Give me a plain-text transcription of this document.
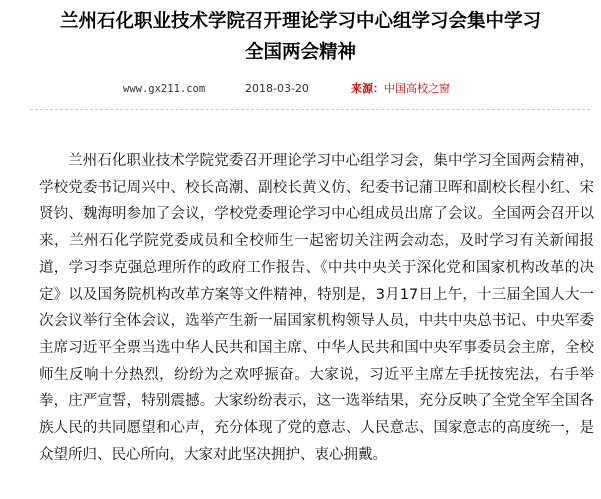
兰州石化职业技术学院召开理论学习中心组学习会集中学习
全国两会精神
www.gx211.com	2018-03-20	来源：中国高校之窗

兰州石化职业技术学院党委召开理论学习中心组学习会，集中学习全国两会精神，学校党委书记周兴中、校长高潮、副校长黄义仿、纪委书记蒲卫晖和副校长程小红、宋贤钧、魏海明参加了会议，学校党委理论学习中心组成员出席了会议。全国两会召开以来，兰州石化学院党委成员和全校师生一起密切关注两会动态，及时学习有关新闻报道，学习李克强总理所作的政府工作报告、《中共中央关于深化党和国家机构改革的决定》以及国务院机构改革方案等文件精神，特别是，3月17日上午，十三届全国人大一次会议举行全体会议，选举产生新一届国家机构领导人员，中共中央总书记、中央军委主席习近平全票当选中华人民共和国主席、中华人民共和国中央军事委员会主席，全校师生反响十分热烈，纷纷为之欢呼振奋。大家说，习近平主席左手抚按宪法，右手举拳，庄严宣誓，特别震撼。大家纷纷表示，这一选举结果，充分反映了全党全军全国各族人民的共同愿望和心声，充分体现了党的意志、人民意志、国家意志的高度统一，是众望所归、民心所向，大家对此坚决拥护、衷心拥戴。
